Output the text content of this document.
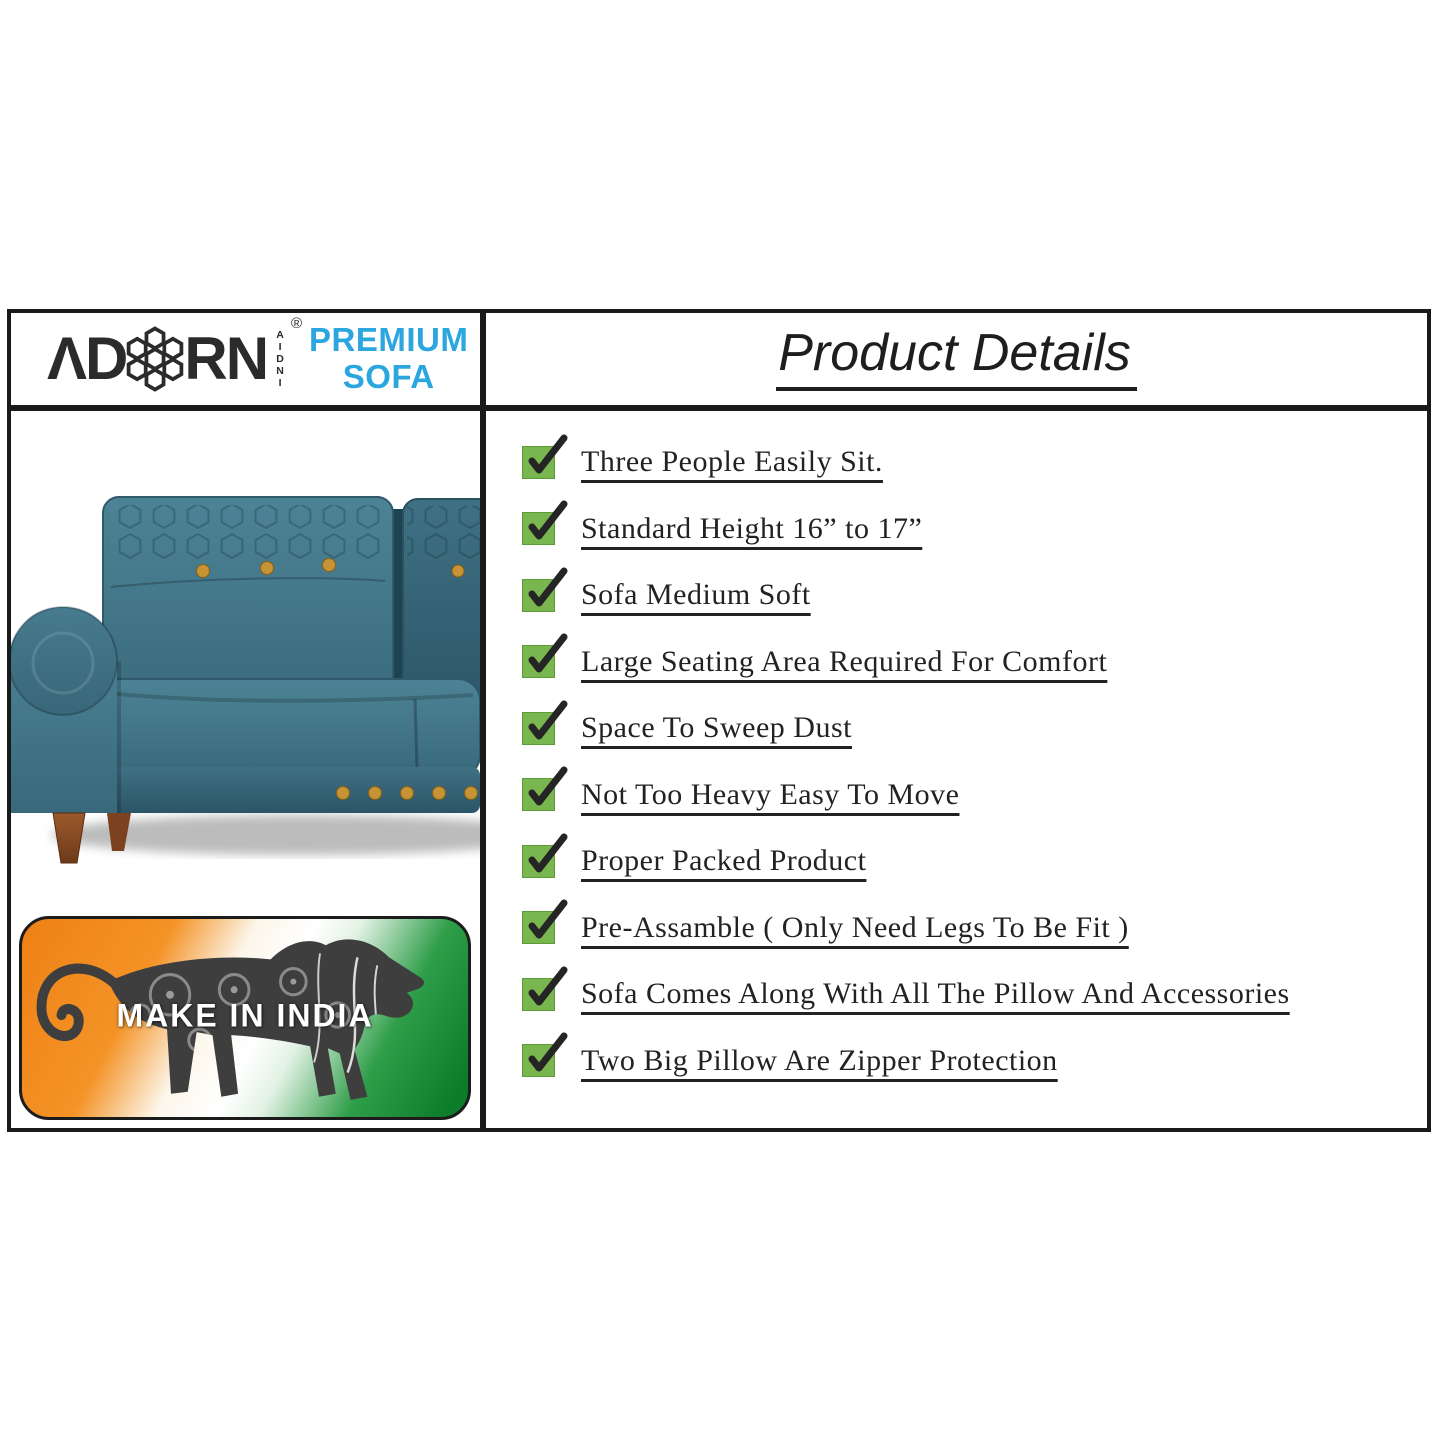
ΛD RN
®
A
I
D
N
I
PREMIUM
SOFA	Product Details
MAKE IN INDIA
Three People Easily Sit.
Standard Height 16” to 17”
Sofa Medium Soft
Large Seating Area Required For Comfort
Space To Sweep Dust
Not Too Heavy Easy To Move
Proper Packed Product
Pre-Assamble ( Only Need Legs To Be Fit )
Sofa Comes Along With All The Pillow And Accessories
Two Big Pillow Are Zipper Protection
